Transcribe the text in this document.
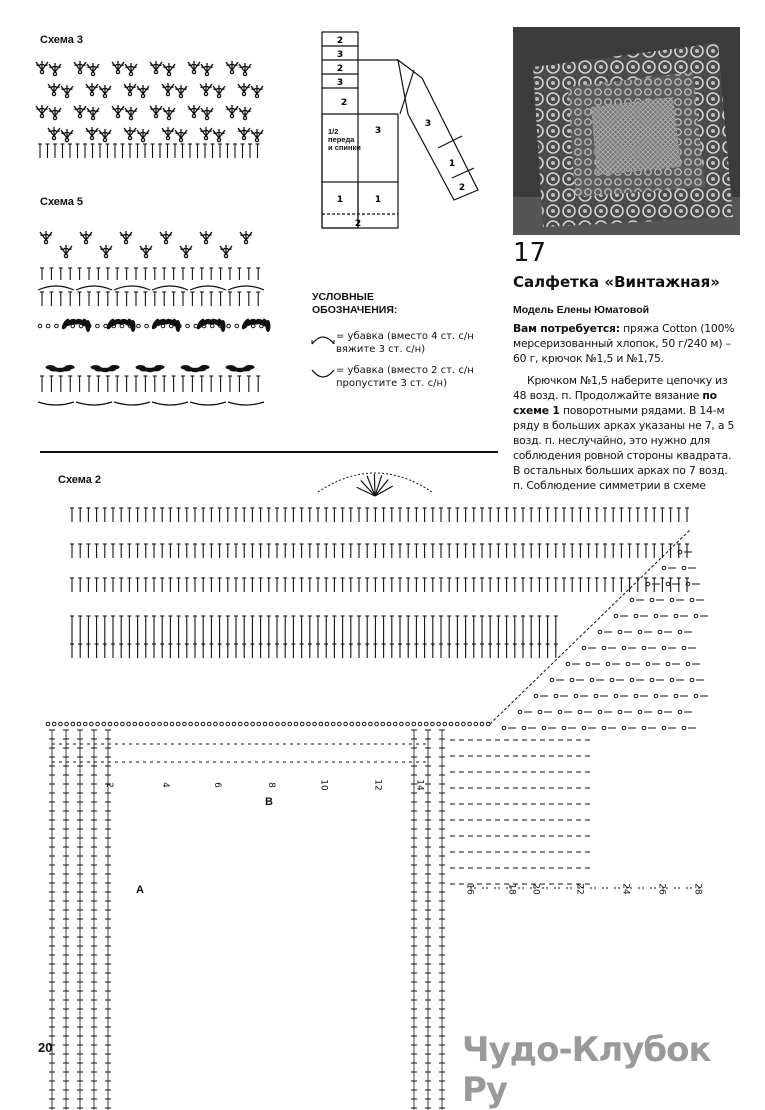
Схема 3
Схема 5
2
3
2
3
2
3
3
1	1
2
1
2
1/2
переда
и спинки
УСЛОВНЫЕ ОБОЗНАЧЕНИЯ:
= убавка (вместо 4 ст. с/н вяжите 3 ст. с/н)
= убавка (вместо 2 ст. с/н пропустите 3 ст. с/н)
17
Салфетка «Винтажная»
Модель Елены Юматовой
Вам потребуется: пряжа Cotton (100% мерсеризованный хлопок, 50 г/240 м) – 60 г, крючок №1,5 и №1,75.
Крючком №1,5 наберите цепочку из 48 возд. п. Продолжайте вязание по схеме 1 поворотными рядами. В 14-м ряду в больших арках указаны не 7, а 5 возд. п. неслучайно, это нужно для соблюдения ровной стороны квадрата. В остальных больших арках по 7 возд. п. Соблюдение симметрии в схеме
Схема 2
A
B
2	4	6	8	10	12	14
16	18 20	22	24	26	28
20	Чудо-Клубок Ру
